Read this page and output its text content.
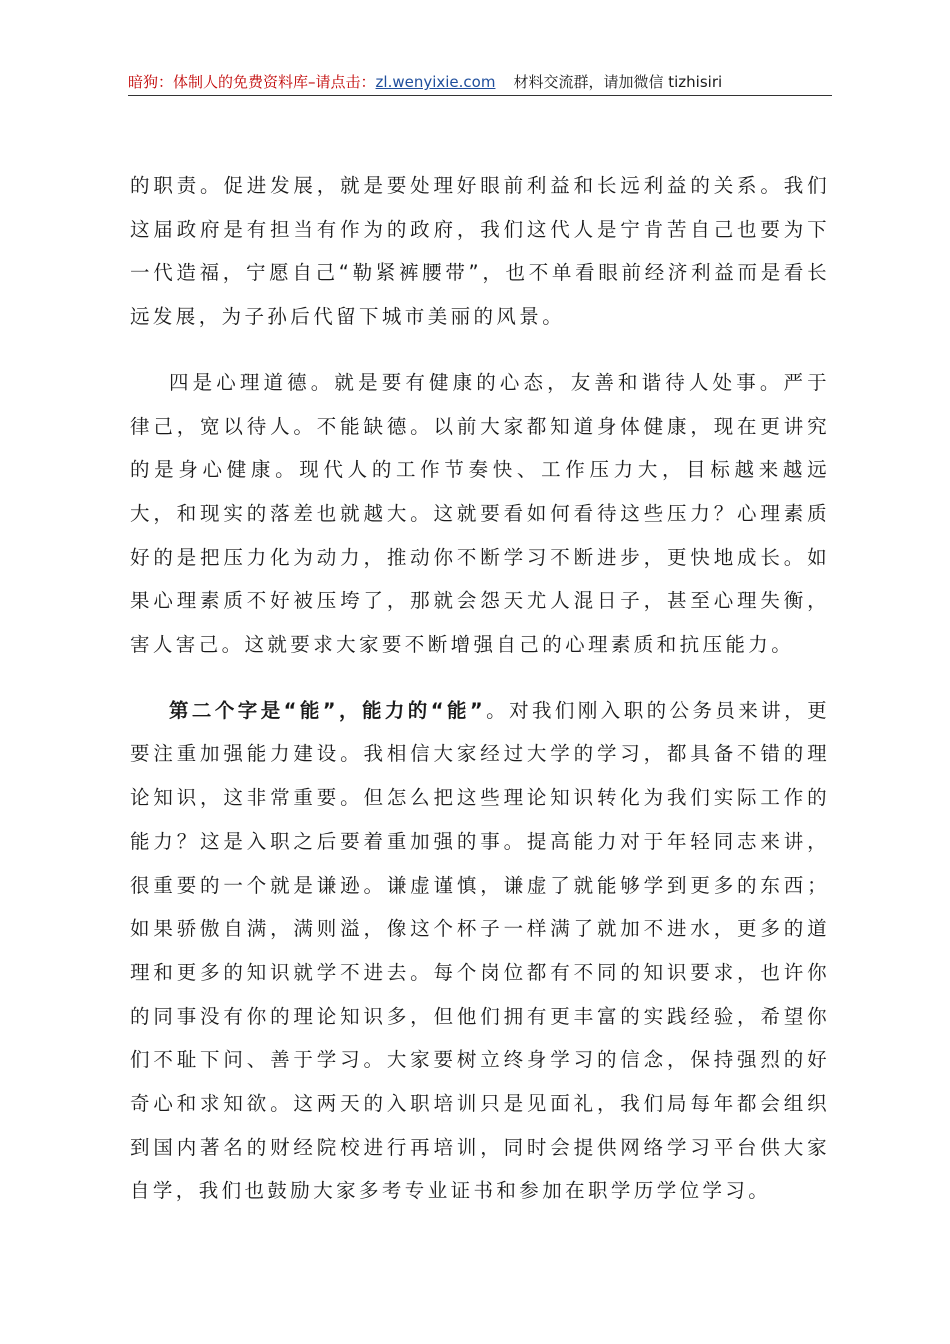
暗狗：体制人的免费资料库–请点击：zl.wenyixie.com 材料交流群，请加微信 tizhisiri

的职责。促进发展，就是要处理好眼前利益和长远利益的关系。我们这届政府是有担当有作为的政府，我们这代人是宁肯苦自己也要为下一代造福，宁愿自己“勒紧裤腰带”，也不单看眼前经济利益而是看长远发展，为子孙后代留下城市美丽的风景。

四是心理道德。就是要有健康的心态，友善和谐待人处事。严于律己，宽以待人。不能缺德。以前大家都知道身体健康，现在更讲究的是身心健康。现代人的工作节奏快、工作压力大，目标越来越远大，和现实的落差也就越大。这就要看如何看待这些压力？心理素质好的是把压力化为动力，推动你不断学习不断进步，更快地成长。如果心理素质不好被压垮了，那就会怨天尤人混日子，甚至心理失衡，害人害己。这就要求大家要不断增强自己的心理素质和抗压能力。

第二个字是“能”，能力的“能”。对我们刚入职的公务员来讲，更要注重加强能力建设。我相信大家经过大学的学习，都具备不错的理论知识，这非常重要。但怎么把这些理论知识转化为我们实际工作的能力？这是入职之后要着重加强的事。提高能力对于年轻同志来讲，很重要的一个就是谦逊。谦虚谨慎，谦虚了就能够学到更多的东西；如果骄傲自满，满则溢，像这个杯子一样满了就加不进水，更多的道理和更多的知识就学不进去。每个岗位都有不同的知识要求，也许你的同事没有你的理论知识多，但他们拥有更丰富的实践经验，希望你们不耻下问、善于学习。大家要树立终身学习的信念，保持强烈的好奇心和求知欲。这两天的入职培训只是见面礼，我们局每年都会组织到国内著名的财经院校进行再培训，同时会提供网络学习平台供大家自学，我们也鼓励大家多考专业证书和参加在职学历学位学习。
